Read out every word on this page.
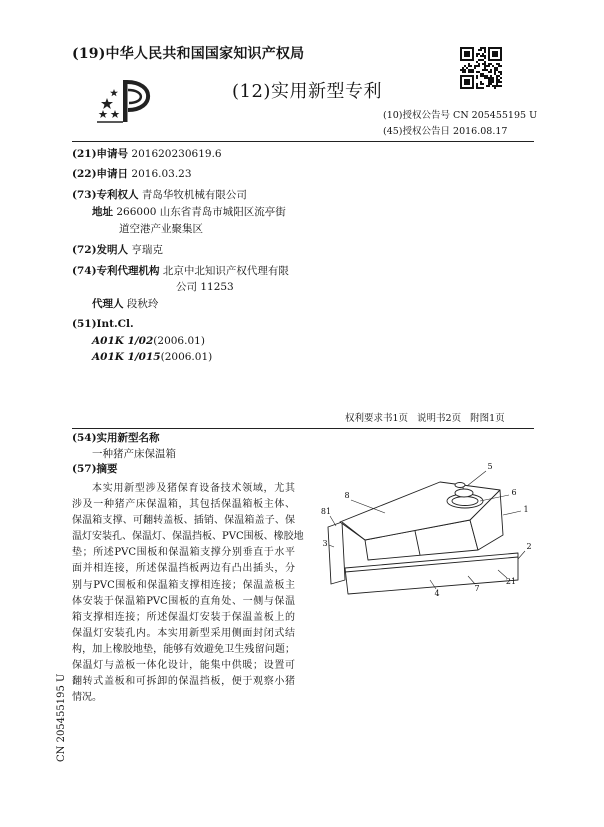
(19)中华人民共和国国家知识产权局
(12)实用新型专利
(10)授权公告号 CN 205455195 U
(45)授权公告日 2016.08.17
(21)申请号 201620230619.6
(22)申请日 2016.03.23
(73)专利权人 青岛华牧机械有限公司
地址 266000 山东省青岛市城阳区流亭街
道空港产业聚集区
(72)发明人 亨瑞克
(74)专利代理机构 北京中北知识产权代理有限
公司 11253
代理人 段秋玲
(51)Int.Cl.
A01K 1/02(2006.01)
A01K 1/015(2006.01)
权利要求书1页 说明书2页 附图1页
(54)实用新型名称
一种猪产床保温箱
(57)摘要
本实用新型涉及猪保育设备技术领域，尤其
涉及一种猪产床保温箱，其包括保温箱板主体、
保温箱支撑、可翻转盖板、插销、保温箱盖子、保
温灯安装孔、保温灯、保温挡板、PVC围板、橡胶地
垫；所述PVC围板和保温箱支撑分别垂直于水平
面并相连接，所述保温挡板两边有凸出插头，分
别与PVC围板和保温箱支撑相连接；保温盖板主
体安装于保温箱PVC围板的直角处、一侧与保温
箱支撑相连接；所述保温灯安装于保温盖板上的
保温灯安装孔内。本实用新型采用侧面封闭式结
构，加上橡胶地垫，能够有效避免卫生残留问题；
保温灯与盖板一体化设计，能集中供暖；设置可
翻转式盖板和可拆卸的保温挡板，便于观察小猪
情况。
5
6
8
1
81
3	2
21
4
7
CN 205455195 U
